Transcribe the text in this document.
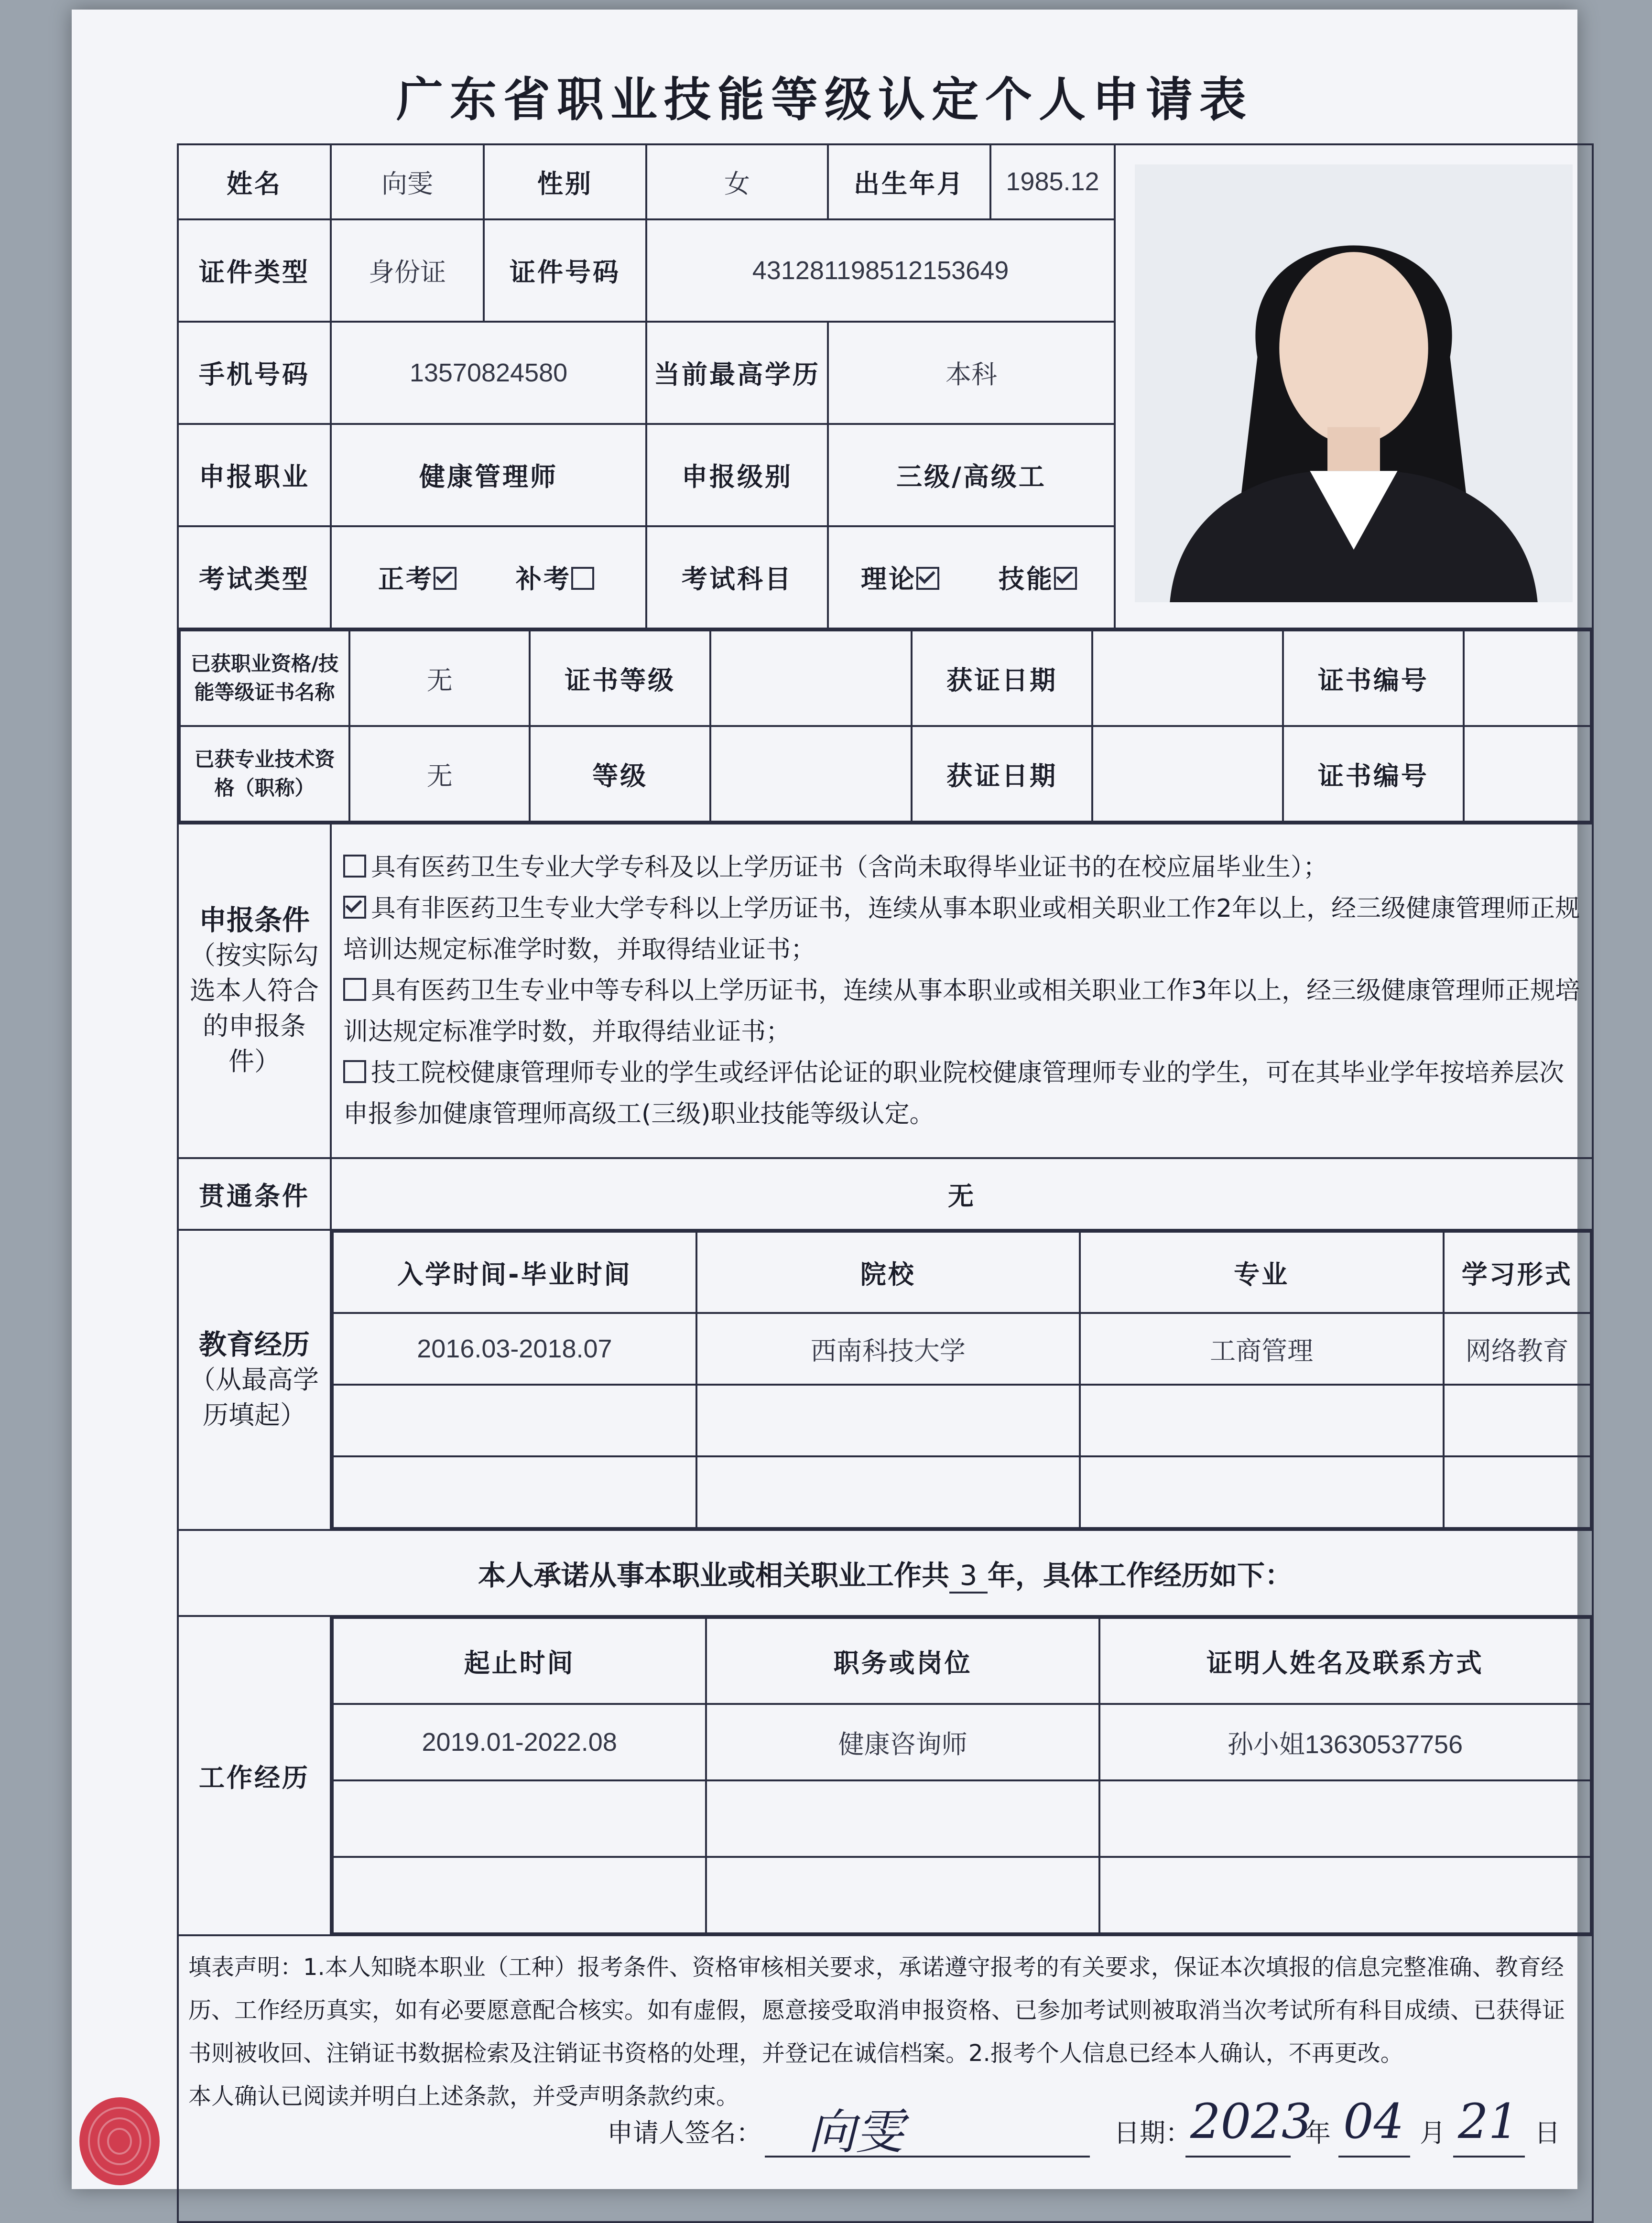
广东省职业技能等级认定个人申请表
姓名	向雯	性别	女	出生年月	1985.12	
证件类型	身份证	证件号码	431281198512153649
手机号码	13570824580	当前最高学历	本科
申报职业	健康管理师	申报级别	三级/高级工
考试类型	正考	补考	考试科目	理论	技能

已获职业资格/技能等级证书名称	无	证书等级		获证日期		证书编号	
已获专业技术资格（职称）	无	等级		获证日期		证书编号	

申报条件
（按实际勾选本人符合的申报条件）

具有医药卫生专业大学专科及以上学历证书（含尚未取得毕业证书的在校应届毕业生）；

具有非医药卫生专业大学专科以上学历证书，连续从事本职业或相关职业工作2年以上，经三级健康管理师正规培训达规定标准学时数，并取得结业证书；

具有医药卫生专业中等专科以上学历证书，连续从事本职业或相关职业工作3年以上，经三级健康管理师正规培训达规定标准学时数，并取得结业证书；

技工院校健康管理师专业的学生或经评估论证的职业院校健康管理师专业的学生，可在其毕业学年按培养层次申报参加健康管理师高级工(三级)职业技能等级认定。

贯通条件	无

教育经历
（从最高学历填起）

入学时间-毕业时间	院校	专业	学习形式
2016.03-2018.07	西南科技大学	工商管理	网络教育

本人承诺从事本职业或相关职业工作共 3 年，具体工作经历如下：
工作经历	
起止时间	职务或岗位	证明人姓名及联系方式
2019.01-2022.08	健康咨询师	孙小姐13630537756

填表声明：1.本人知晓本职业（工种）报考条件、资格审核相关要求，承诺遵守报考的有关要求，保证本次填报的信息完整准确、教育经历、工作经历真实，如有必要愿意配合核实。如有虚假，愿意接受取消申报资格、已参加考试则被取消当次考试所有科目成绩、已获得证书则被收回、注销证书数据检索及注销证书资格的处理，并登记在诚信档案。2.报考个人信息已经本人确认，不再更改。

本人确认已阅读并明白上述条款，并受声明条款约束。

申请人签名： 向雯	日期：
2023
年 04 月 21 日
